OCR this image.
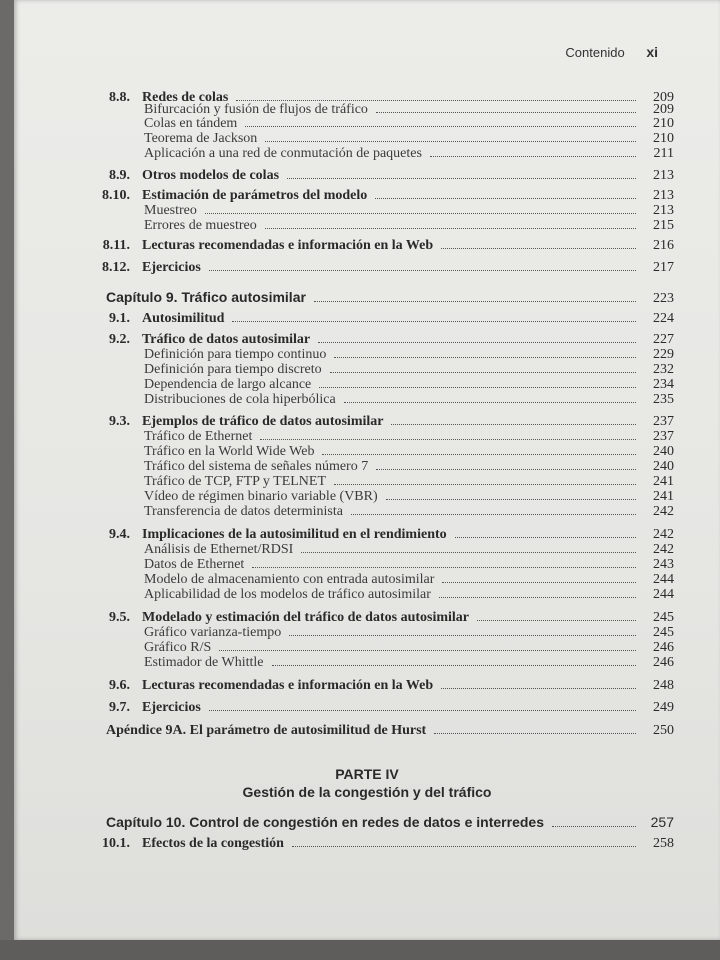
Contenido xi
8.8. Redes de colas	209
Bifurcación y fusión de flujos de tráfico	209
Colas en tándem	210
Teorema de Jackson	210
Aplicación a una red de conmutación de paquetes	211
8.9. Otros modelos de colas	213
8.10. Estimación de parámetros del modelo	213
Muestreo	213
Errores de muestreo	215
8.11. Lecturas recomendadas e información en la Web	216
8.12. Ejercicios	217
Capítulo 9. Tráfico autosimilar	223
9.1. Autosimilitud	224
9.2. Tráfico de datos autosimilar	227
Definición para tiempo continuo	229
Definición para tiempo discreto	232
Dependencia de largo alcance	234
Distribuciones de cola hiperbólica	235
9.3. Ejemplos de tráfico de datos autosimilar	237
Tráfico de Ethernet	237
Tráfico en la World Wide Web	240
Tráfico del sistema de señales número 7	240
Tráfico de TCP, FTP y TELNET	241
Vídeo de régimen binario variable (VBR)	241
Transferencia de datos determinista	242
9.4. Implicaciones de la autosimilitud en el rendimiento	242
Análisis de Ethernet/RDSI	242
Datos de Ethernet	243
Modelo de almacenamiento con entrada autosimilar	244
Aplicabilidad de los modelos de tráfico autosimilar	244
9.5. Modelado y estimación del tráfico de datos autosimilar	245
Gráfico varianza-tiempo	245
Gráfico R/S	246
Estimador de Whittle	246
9.6. Lecturas recomendadas e información en la Web	248
9.7. Ejercicios	249
Apéndice 9A. El parámetro de autosimilitud de Hurst	250
Capítulo 10. Control de congestión en redes de datos e interredes	257
10.1. Efectos de la congestión	258
PARTE IV
Gestión de la congestión y del tráfico
